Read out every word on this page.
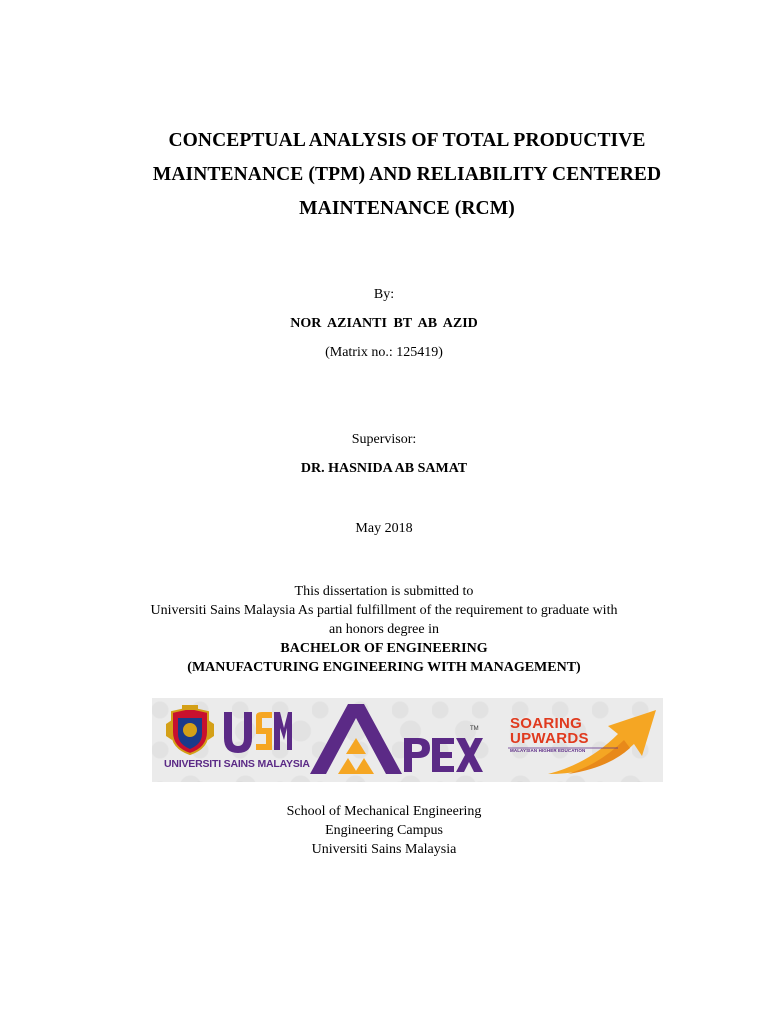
CONCEPTUAL ANALYSIS OF TOTAL PRODUCTIVE
MAINTENANCE (TPM) AND RELIABILITY CENTERED
MAINTENANCE (RCM)
By:
NOR AZIANTI BT AB AZID
(Matrix no.: 125419)
Supervisor:
DR. HASNIDA AB SAMAT
May 2018
This dissertation is submitted to
Universiti Sains Malaysia As partial fulfillment of the requirement to graduate with
an honors degree in
BACHELOR OF ENGINEERING
(MANUFACTURING ENGINEERING WITH MANAGEMENT)
UNIVERSITI SAINS MALAYSIA
TM SOARING
UPWARDS
MALAYSIAN HIGHER EDUCATION
School of Mechanical Engineering
Engineering Campus
Universiti Sains Malaysia
